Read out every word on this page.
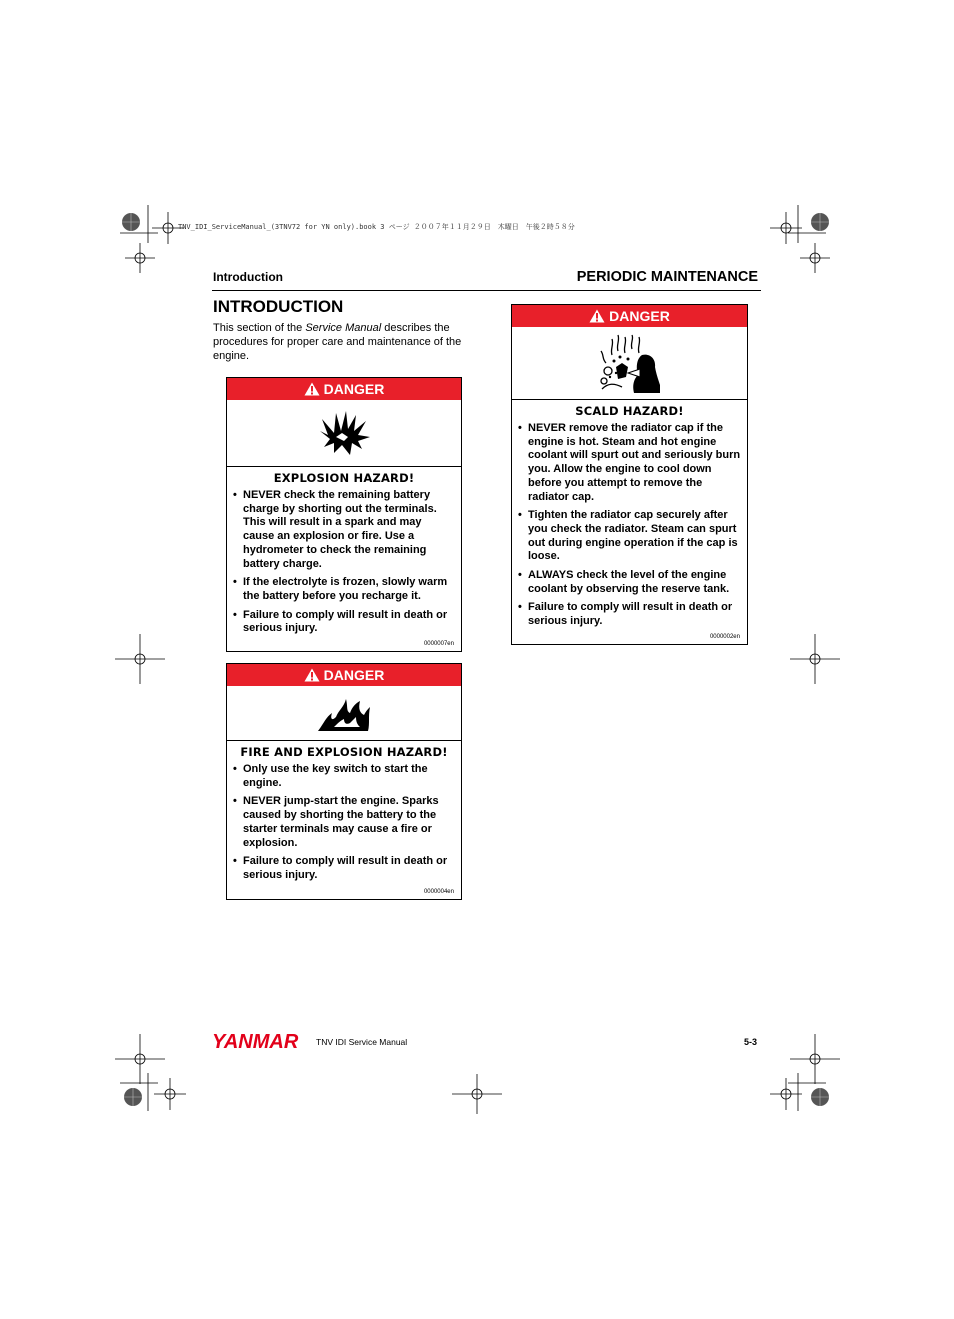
TNV_IDI_ServiceManual_(3TNV72 for YN only).book 3 ページ ２００７年１１月２９日　木曜日　午後２時５８分
Introduction	PERIODIC MAINTENANCE
INTRODUCTION
This section of the Service Manual describes the procedures for proper care and maintenance of the engine.
DANGER
EXPLOSION HAZARD!
• NEVER check the remaining battery charge by shorting out the terminals. This will result in a spark and may cause an explosion or fire. Use a hydrometer to check the remaining battery charge.
• If the electrolyte is frozen, slowly warm the battery before you recharge it.
• Failure to comply will result in death or serious injury.
0000007en
DANGER
FIRE AND EXPLOSION HAZARD!
• Only use the key switch to start the engine.
• NEVER jump-start the engine. Sparks caused by shorting the battery to the starter terminals may cause a fire or explosion.
• Failure to comply will result in death or serious injury.
0000004en
DANGER
SCALD HAZARD!
• NEVER remove the radiator cap if the engine is hot. Steam and hot engine coolant will spurt out and seriously burn you. Allow the engine to cool down before you attempt to remove the radiator cap.
• Tighten the radiator cap securely after you check the radiator. Steam can spurt out during engine operation if the cap is loose.
• ALWAYS check the level of the engine coolant by observing the reserve tank.
• Failure to comply will result in death or serious injury.
0000002en
YANMAR TNV IDI Service Manual	5-3
